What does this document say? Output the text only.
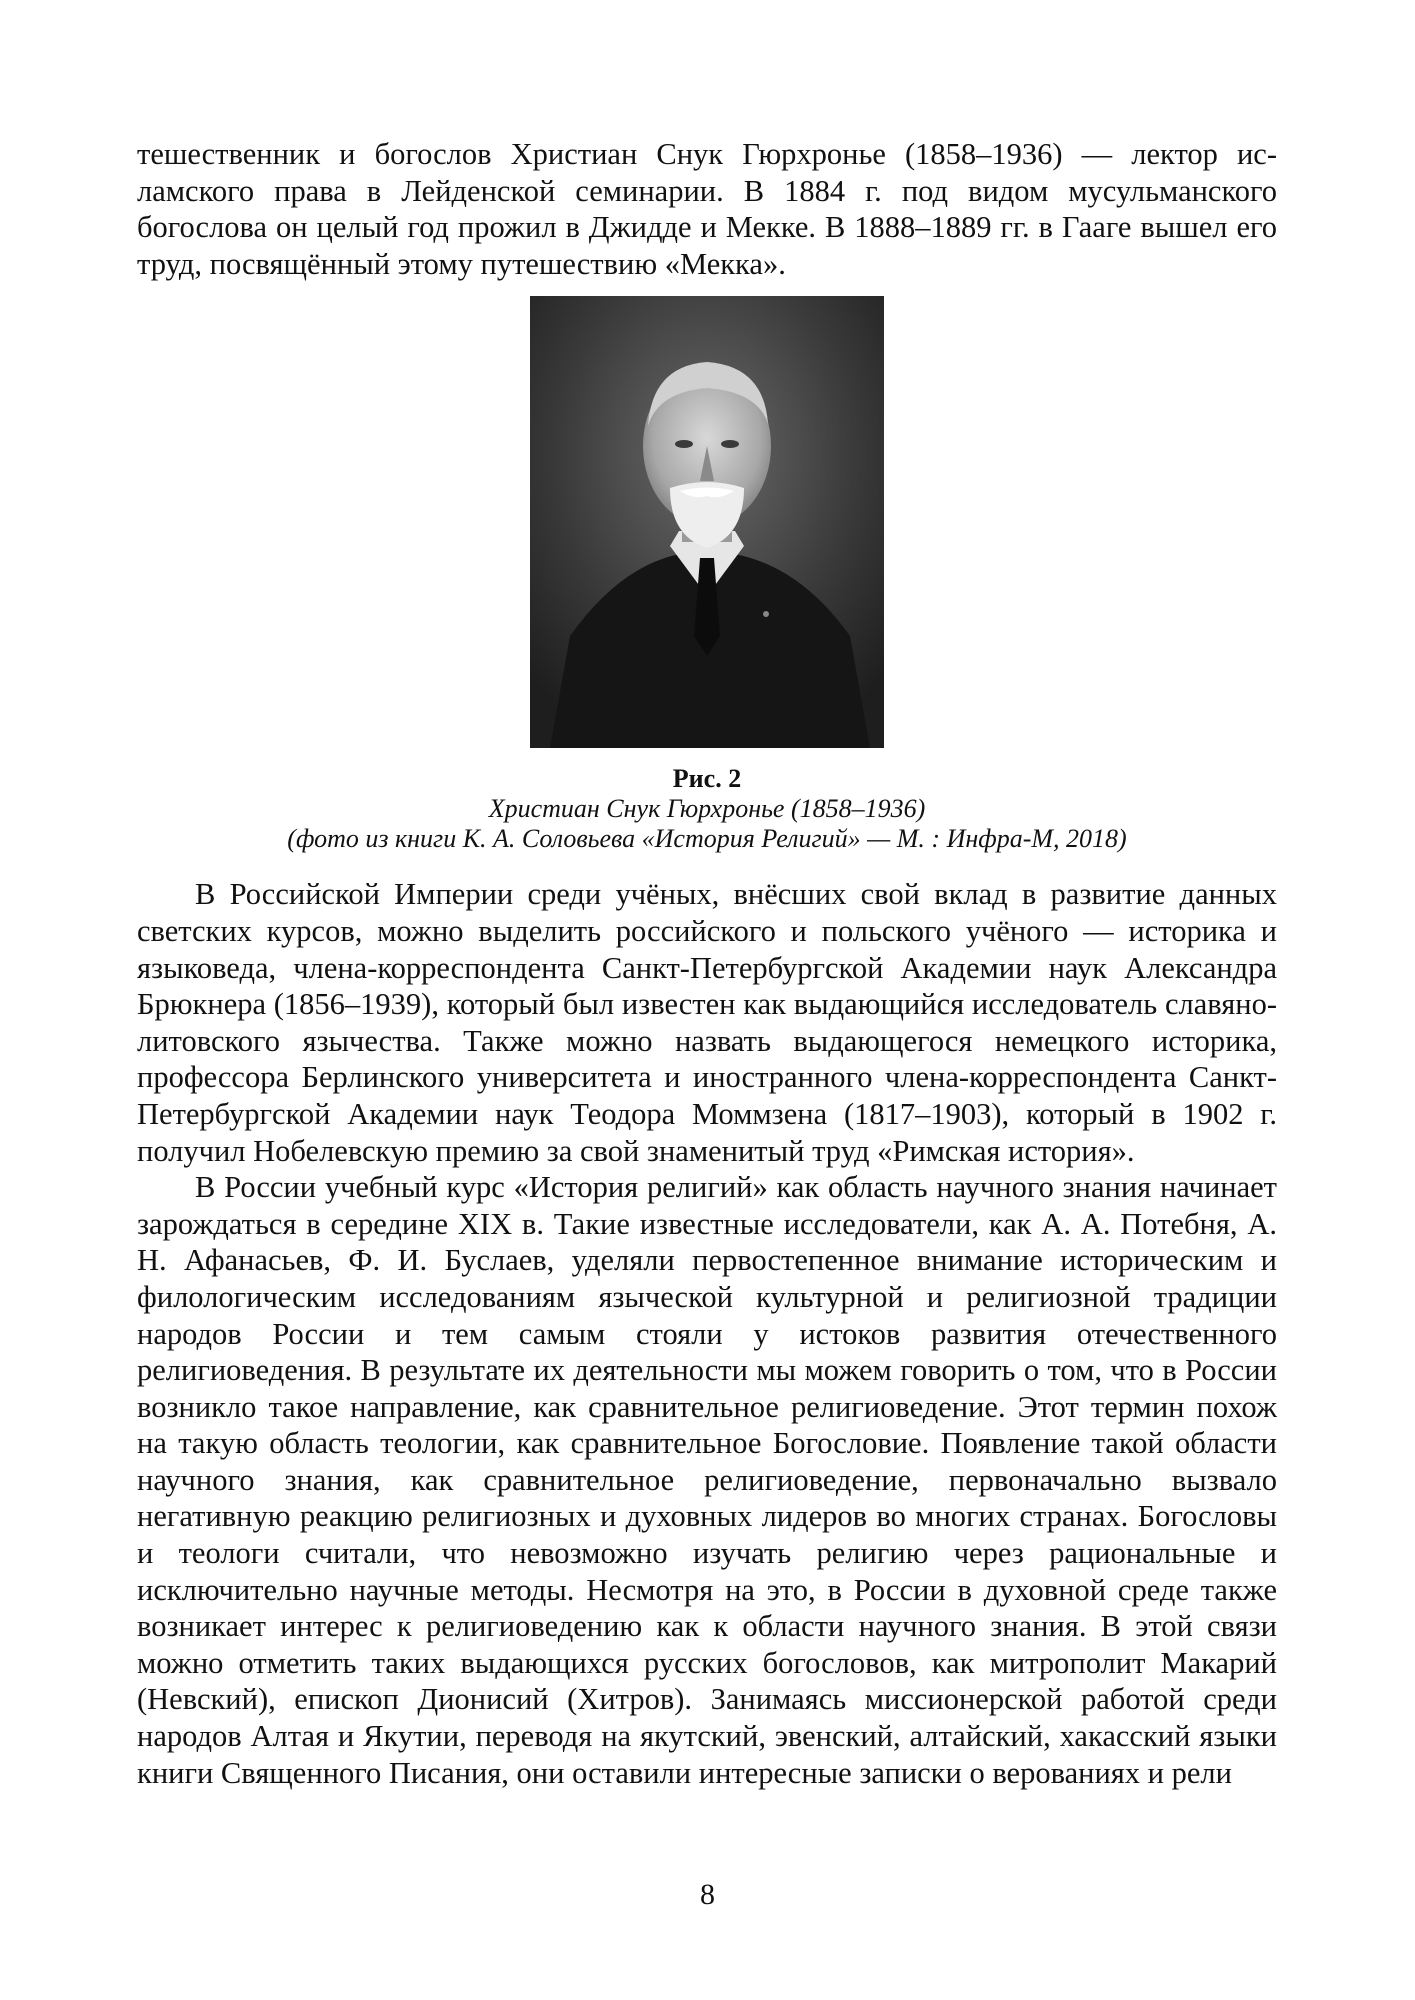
тешественник и богослов Христиан Снук Гюрхронье (1858–1936) — лектор исламского права в Лейденской семинарии. В 1884 г. под видом мусульманского богослова он целый год прожил в Джидде и Мекке. В 1888–1889 гг. в Гааге вышел его труд, посвящённый этому путешествию «Мекка».

Рис. 2
Христиан Снук Гюрхронье (1858–1936)
(фото из книги К. А. Соловьева «История Религий» — М. : Инфра-М, 2018)

В Российской Империи среди учёных, внёсших свой вклад в развитие данных светских курсов, можно выделить российского и польского учёного — историка и языковеда, члена-корреспондента Санкт-Петербургской Академии наук Александра Брюкнера (1856–1939), который был известен как выдающийся исследователь славяно-литовского язычества. Также можно назвать выдающегося немецкого историка, профессора Берлинского университета и иностранного члена-корреспондента Санкт-Петербургской Академии наук Теодора Моммзена (1817–1903), который в 1902 г. получил Нобелевскую премию за свой знаменитый труд «Римская история».

В России учебный курс «История религий» как область научного знания начинает зарождаться в середине XIX в. Такие известные исследователи, как А. А. Потебня, А. Н. Афанасьев, Ф. И. Буслаев, уделяли первостепенное внимание историческим и филологическим исследованиям языческой культурной и религиозной традиции народов России и тем самым стояли у истоков развития отечественного религиоведения. В результате их деятельности мы можем говорить о том, что в России возникло такое направление, как сравнительное религиоведение. Этот термин похож на такую область теологии, как сравнительное Богословие. Появление такой области научного знания, как сравнительное религиоведение, первоначально вызвало негативную реакцию религиозных и духовных лидеров во многих странах. Богословы и теологи считали, что невозможно изучать религию через рациональные и исключительно научные методы. Несмотря на это, в России в духовной среде также возникает интерес к религиоведению как к области научного знания. В этой связи можно отметить таких выдающихся русских богословов, как митрополит Макарий (Невский), епископ Дионисий (Хитров). Занимаясь миссионерской работой среди народов Алтая и Якутии, переводя на якутский, эвенский, алтайский, хакасский языки книги Священного Писания, они оставили интересные записки о верованиях и рели

8
